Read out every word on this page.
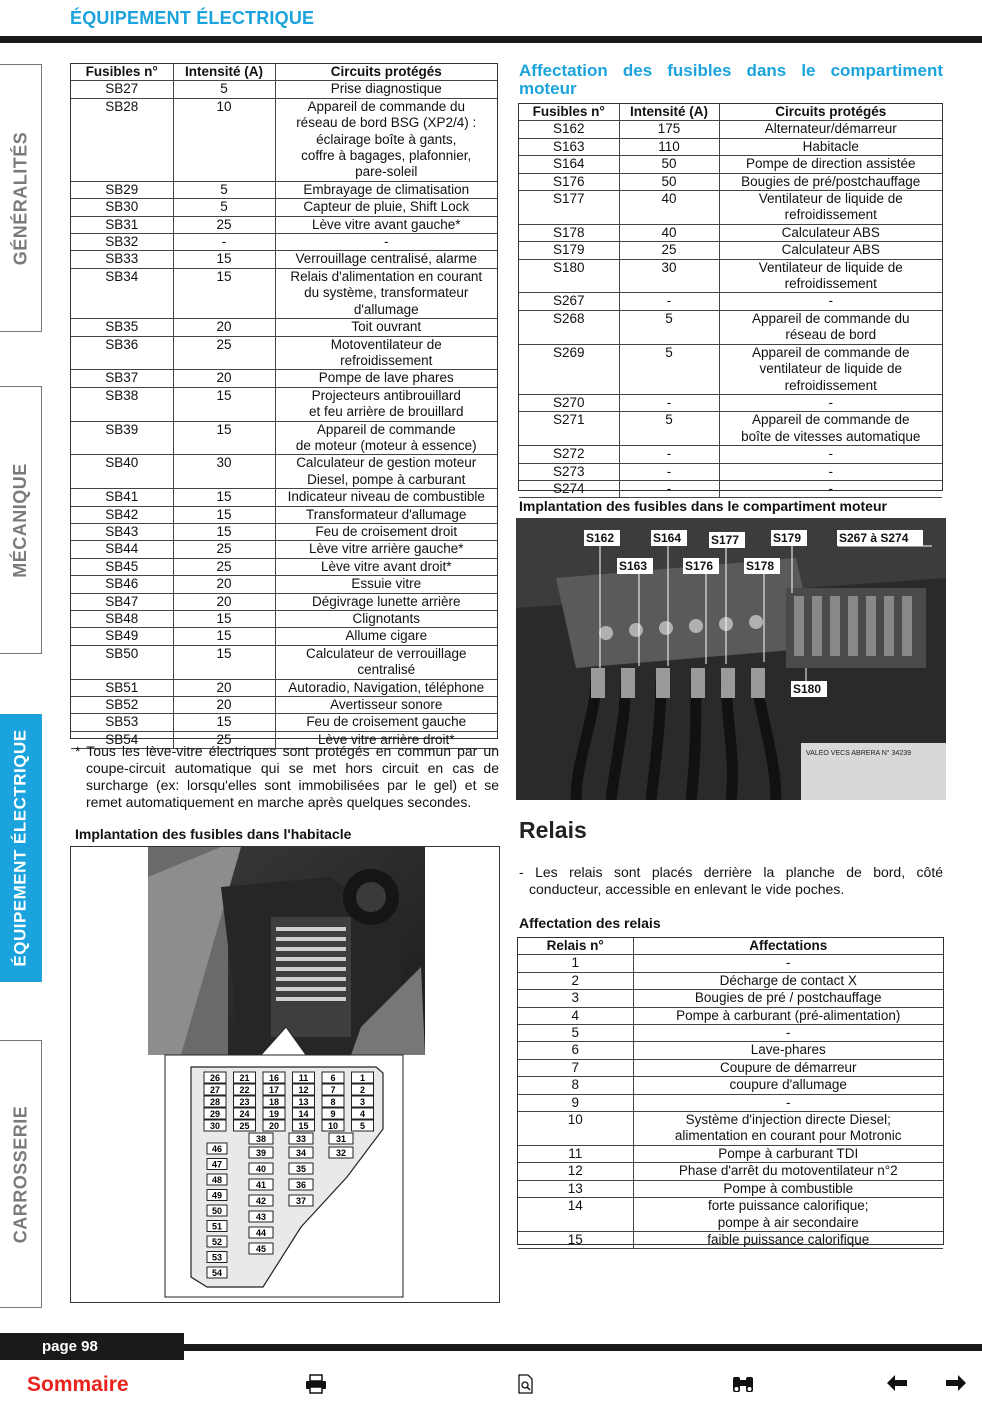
ÉQUIPEMENT ÉLECTRIQUE
GÉNÉRALITÉS
MÉCANIQUE
ÉQUIPEMENT ÉLECTRIQUE
CARROSSERIE
Fusibles n°	Intensité (A)	Circuits protégés
SB27	5	Prise diagnostique
SB28	10	Appareil de commande du
réseau de bord BSG (XP2/4) :
éclairage boîte à gants,
coffre à bagages, plafonnier,
pare-soleil
SB29	5	Embrayage de climatisation
SB30	5	Capteur de pluie, Shift Lock
SB31	25	Lève vitre avant gauche*
SB32	-	-
SB33	15	Verrouillage centralisé, alarme
SB34	15	Relais d'alimentation en courant
du système, transformateur
d'allumage
SB35	20	Toit ouvrant
SB36	25	Motoventilateur de
refroidissement
SB37	20	Pompe de lave phares
SB38	15	Projecteurs antibrouillard
et feu arrière de brouillard
SB39	15	Appareil de commande
de moteur (moteur à essence)
SB40	30	Calculateur de gestion moteur
Diesel, pompe à carburant
SB41	15	Indicateur niveau de combustible
SB42	15	Transformateur d'allumage
SB43	15	Feu de croisement droit
SB44	25	Lève vitre arrière gauche*
SB45	25	Lève vitre avant droit*
SB46	20	Essuie vitre
SB47	20	Dégivrage lunette arrière
SB48	15	Clignotants
SB49	15	Allume cigare
SB50	15	Calculateur de verrouillage
centralisé
SB51	20	Autoradio, Navigation, téléphone
SB52	20	Avertisseur sonore
SB53	15	Feu de croisement gauche
SB54	25	Lève vitre arrière droit*
* Tous les lève-vitre électriques sont protégés en commun par un coupe-circuit automatique qui se met hors circuit en cas de surcharge (ex: lorsqu'elles sont immobilisées par le gel) et se remet automatiquement en marche après quelques secondes.
Implantation des fusibles dans l'habitacle
26 21 16 11 6	1
27 22 17 12 7	2
28 23 18 13 8	3
29 24 19 14 9	4
30 25 20 15 10 5
38	33	31
39	34	32
40	35
41	36
42	37
43
44
45
46
47
48
49
50
51
52
53
54
Affectation des fusibles dans le compartiment moteur
Fusibles n°	Intensité (A)	Circuits protégés
S162	175	Alternateur/démarreur
S163	110	Habitacle
S164	50	Pompe de direction assistée
S176	50	Bougies de pré/postchauffage
S177	40	Ventilateur de liquide de
refroidissement
S178	40	Calculateur ABS
S179	25	Calculateur ABS
S180	30	Ventilateur de liquide de
refroidissement
S267	-	-
S268	5	Appareil de commande du
réseau de bord
S269	5	Appareil de commande de
ventilateur de liquide de
refroidissement
S270	-	-
S271	5	Appareil de commande de
boîte de vitesses automatique
S272	-	-
S273	-	-
S274	-	-
Implantation des fusibles dans le compartiment moteur
VALEO VECS ABRERA N° 34239
S162	S164 S177	S179	S267 à S274
S163	S176	S178
S180
Relais
- Les relais sont placés derrière la planche de bord, côté conducteur, accessible en enlevant le vide poches.
Affectation des relais
Relais n°	Affectations
1	-
2	Décharge de contact X
3	Bougies de pré / postchauffage
4	Pompe à carburant (pré-alimentation)
5	-
6	Lave-phares
7	Coupure de démarreur
8	coupure d'allumage
9	-
10	Système d'injection directe Diesel;
alimentation en courant pour Motronic
11	Pompe à carburant TDI
12	Phase d'arrêt du motoventilateur n°2
13	Pompe à combustible
14	forte puissance calorifique;
pompe à air secondaire
15	faible puissance calorifique
page 98
Sommaire
